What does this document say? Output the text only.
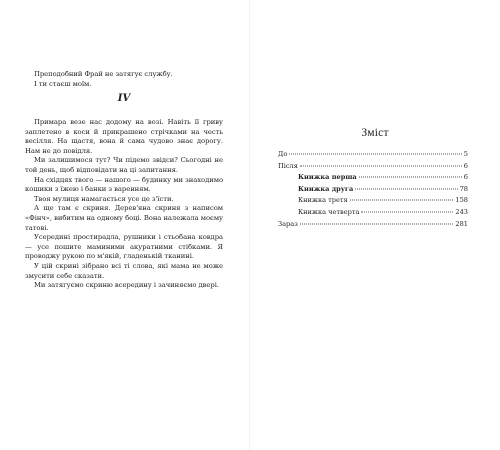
Преподобний Фрай не затягує службу.

І ти стаєш моїм.

IV

Примара везе нас додому на возі. Навіть її гриву заплетено в коси й прикрашено стрічками на честь весілля. На щастя, вона й сама чудово знає дорогу. Нам не до повідля.

Ми залишимося тут? Чи підемо звідси? Сьогодні не той день, щоб відповідати на ці запитання.

На східцях твого — нашого — будинку ми знаходимо кошики з їжею і банки з варенням.

Твоя мулиця намагається усе це з'їсти.

А ще там є скриня. Дерев'яна скриня з написом «Фінч», вибитим на одному боці. Вона належала моєму татові.

Усередині простирадла, рушники і стьобана ковдра — усе пошите маминими акуратними стібками. Я проводжу рукою по м'якій, гладенькій тканині.

У цій скрині зібрано всі ті слова, які мама не може змусити себе сказати.

Ми затягуємо скриню всередину і зачиняємо двері.

Зміст
До	5
Після	6
Книжка перша	6
Книжка друга	78
Книжка третя	158
Книжка четверта	243
Зараз	281
